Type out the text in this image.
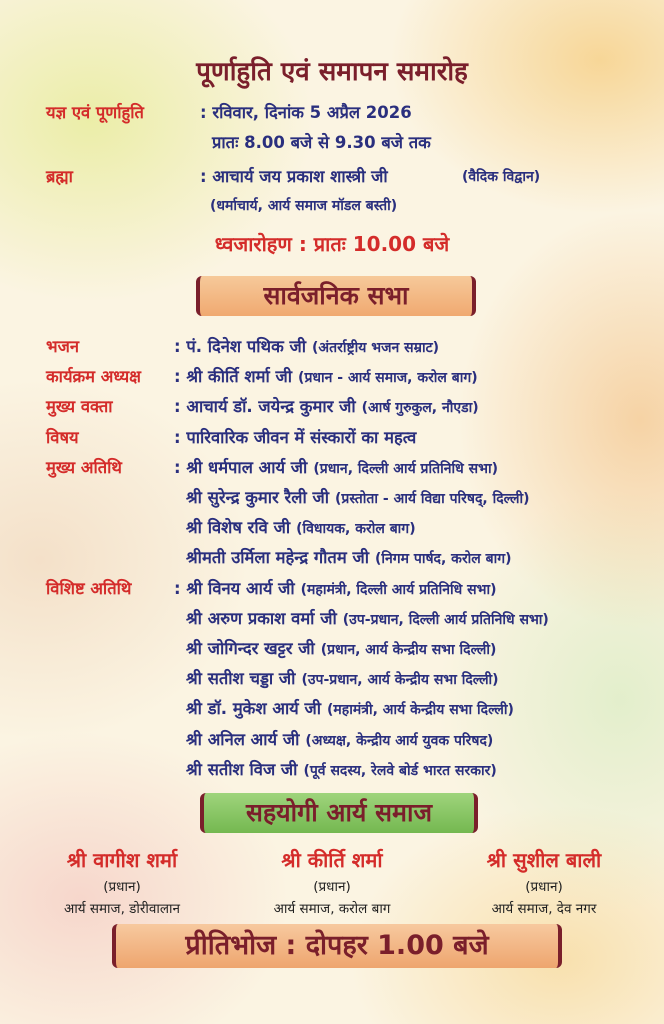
पूर्णाहुति एवं समापन समारोह
यज्ञ एवं पूर्णाहुति	: रविवार, दिनांक 5 अप्रैल 2026
प्रातः 8.00 बजे से 9.30 बजे तक
ब्रह्मा	: आचार्य जय प्रकाश शास्त्री जी	(वैदिक विद्वान)
(धर्माचार्य, आर्य समाज मॉडल बस्ती)
ध्वजारोहण : प्रातः 10.00 बजे
सार्वजनिक सभा
भजन	: पं. दिनेश पथिक जी (अंतर्राष्ट्रीय भजन सम्राट)
कार्यक्रम अध्यक्ष : श्री कीर्ति शर्मा जी (प्रधान - आर्य समाज, करोल बाग)
मुख्य वक्ता	: आचार्य डॉ. जयेन्द्र कुमार जी (आर्ष गुरुकुल, नौएडा)
विषय	: पारिवारिक जीवन में संस्कारों का महत्व
मुख्य अतिथि	: श्री धर्मपाल आर्य जी (प्रधान, दिल्ली आर्य प्रतिनिधि सभा)
श्री सुरेन्द्र कुमार रैली जी (प्रस्तोता - आर्य विद्या परिषद्, दिल्ली)
श्री विशेष रवि जी (विधायक, करोल बाग)
श्रीमती उर्मिला महेन्द्र गौतम जी (निगम पार्षद, करोल बाग)
विशिष्ट अतिथि	: श्री विनय आर्य जी (महामंत्री, दिल्ली आर्य प्रतिनिधि सभा)
श्री अरुण प्रकाश वर्मा जी (उप-प्रधान, दिल्ली आर्य प्रतिनिधि सभा)
श्री जोगिन्दर खट्टर जी (प्रधान, आर्य केन्द्रीय सभा दिल्ली)
श्री सतीश चड्डा जी (उप-प्रधान, आर्य केन्द्रीय सभा दिल्ली)
श्री डॉ. मुकेश आर्य जी (महामंत्री, आर्य केन्द्रीय सभा दिल्ली)
श्री अनिल आर्य जी (अध्यक्ष, केन्द्रीय आर्य युवक परिषद)
श्री सतीश विज जी (पूर्व सदस्य, रेलवे बोर्ड भारत सरकार)
सहयोगी आर्य समाज
श्री वागीश शर्मा
(प्रधान)
आर्य समाज, डोरीवालान
श्री कीर्ति शर्मा
(प्रधान)
आर्य समाज, करोल बाग
श्री सुशील बाली
(प्रधान)
आर्य समाज, देव नगर
प्रीतिभोज : दोपहर 1.00 बजे
